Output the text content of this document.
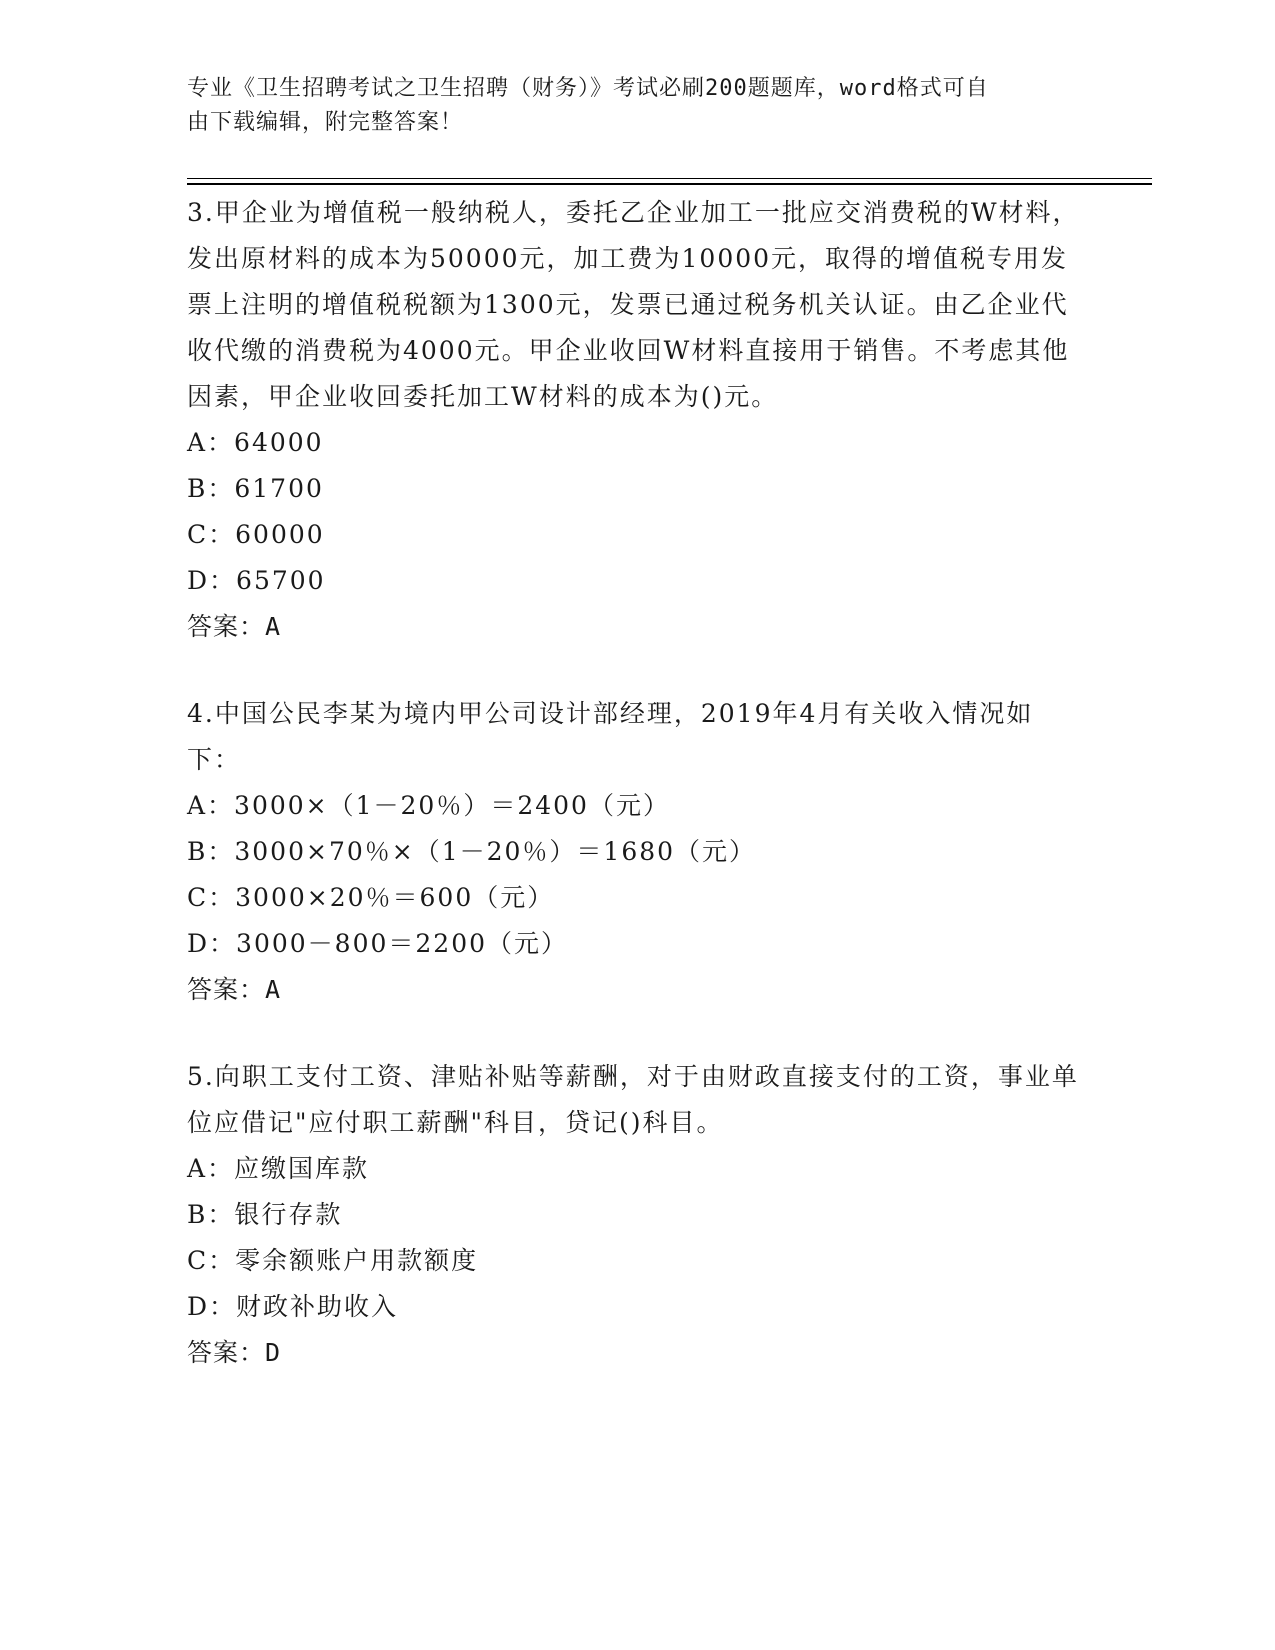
专业《卫生招聘考试之卫生招聘（财务）》考试必刷200题题库，word格式可自
由下载编辑，附完整答案！

3.甲企业为增值税一般纳税人，委托乙企业加工一批应交消费税的W材料，发出原材料的成本为50000元，加工费为10000元，取得的增值税专用发票上注明的增值税税额为1300元，发票已通过税务机关认证。由乙企业代收代缴的消费税为4000元。甲企业收回W材料直接用于销售。不考虑其他因素，甲企业收回委托加工W材料的成本为()元。

A：64000
B：61700
C：60000
D：65700
答案：A

4.中国公民李某为境内甲公司设计部经理，2019年4月有关收入情况如下：

A：3000×（1－20％）＝2400（元）
B：3000×70％×（1－20％）＝1680（元）
C：3000×20％＝600（元）
D：3000－800＝2200（元）
答案：A

5.向职工支付工资、津贴补贴等薪酬，对于由财政直接支付的工资，事业单位应借记"应付职工薪酬"科目，贷记()科目。

A：应缴国库款
B：银行存款
C：零余额账户用款额度
D：财政补助收入
答案：D
